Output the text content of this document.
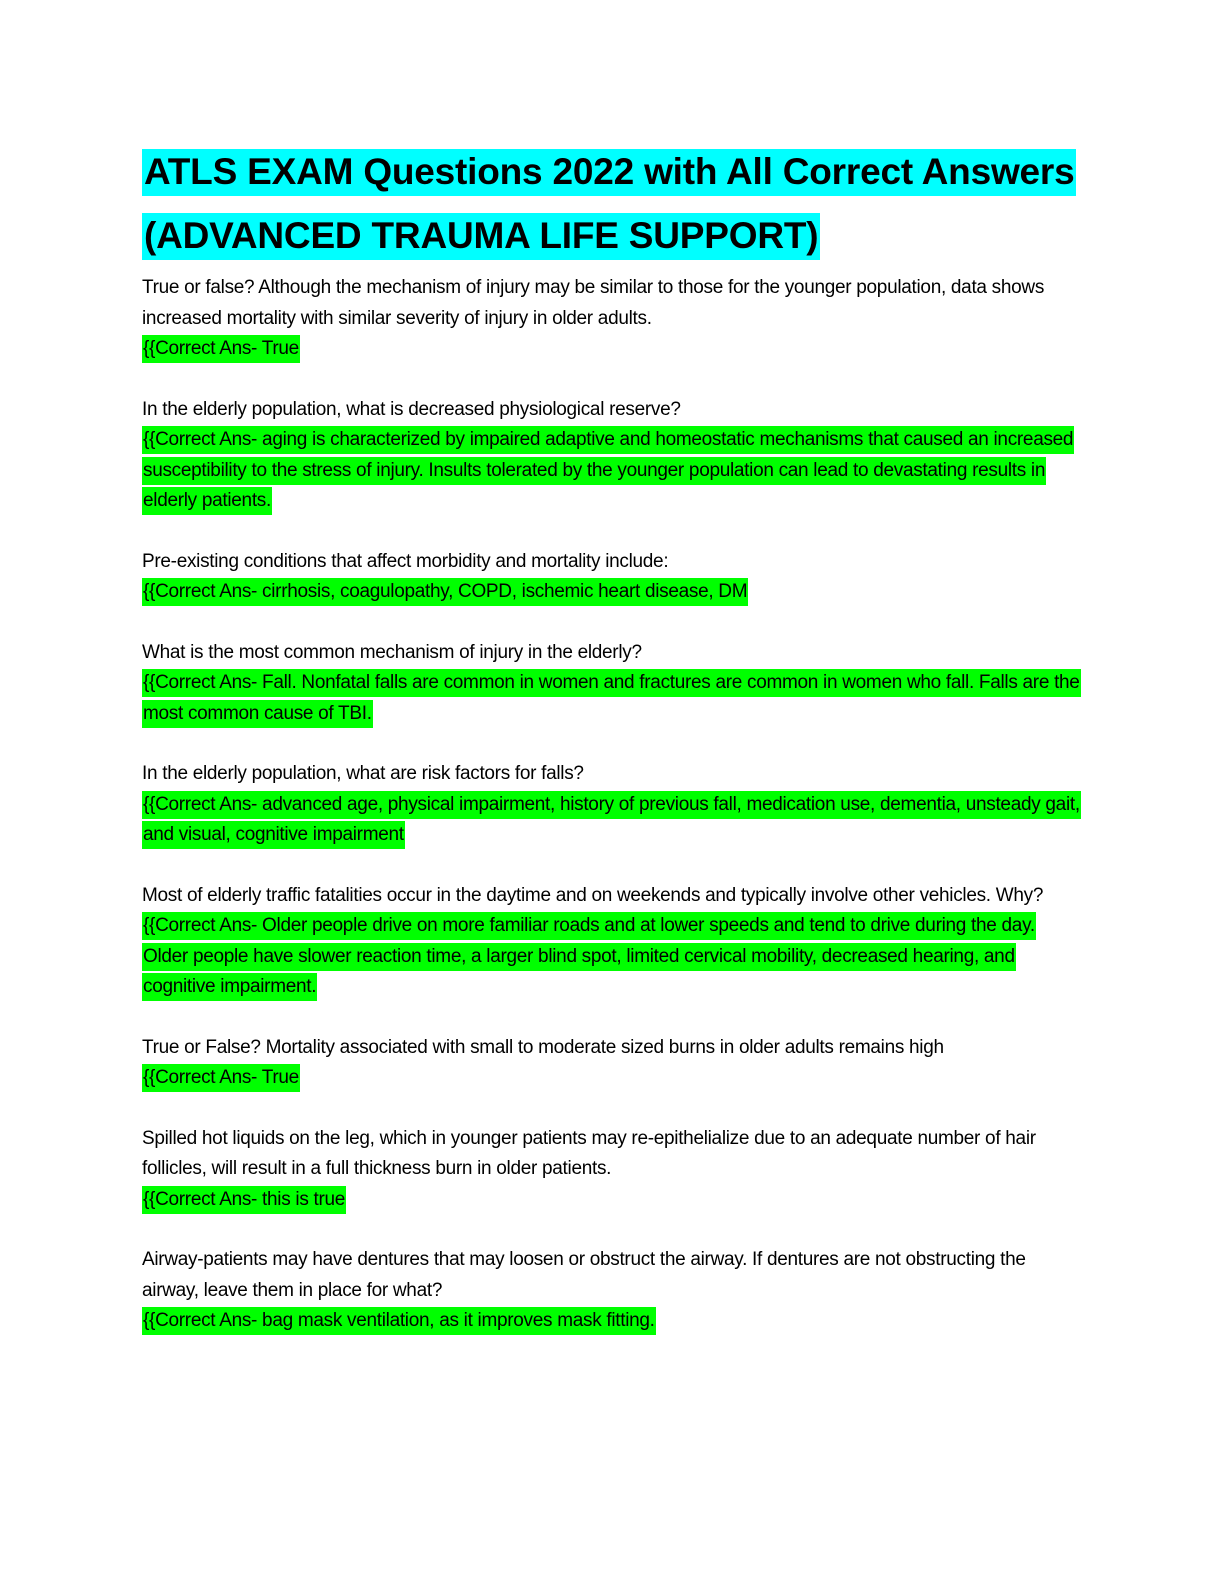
ATLS EXAM Questions 2022 with All Correct Answers (ADVANCED TRAUMA LIFE SUPPORT)

True or false? Although the mechanism of injury may be similar to those for the younger population, data shows increased mortality with similar severity of injury in older adults.

{{Correct Ans- True

In the elderly population, what is decreased physiological reserve?

{{Correct Ans- aging is characterized by impaired adaptive and homeostatic mechanisms that caused an increased susceptibility to the stress of injury. Insults tolerated by the younger population can lead to devastating results in elderly patients.

Pre-existing conditions that affect morbidity and mortality include:

{{Correct Ans- cirrhosis, coagulopathy, COPD, ischemic heart disease, DM

What is the most common mechanism of injury in the elderly?

{{Correct Ans- Fall. Nonfatal falls are common in women and fractures are common in women who fall. Falls are the most common cause of TBI.

In the elderly population, what are risk factors for falls?

{{Correct Ans- advanced age, physical impairment, history of previous fall, medication use, dementia, unsteady gait, and visual, cognitive impairment

Most of elderly traffic fatalities occur in the daytime and on weekends and typically involve other vehicles. Why?

{{Correct Ans- Older people drive on more familiar roads and at lower speeds and tend to drive during the day. Older people have slower reaction time, a larger blind spot, limited cervical mobility, decreased hearing, and cognitive impairment.

True or False? Mortality associated with small to moderate sized burns in older adults remains high

{{Correct Ans- True

Spilled hot liquids on the leg, which in younger patients may re-epithelialize due to an adequate number of hair follicles, will result in a full thickness burn in older patients.

{{Correct Ans- this is true

Airway-patients may have dentures that may loosen or obstruct the airway. If dentures are not obstructing the airway, leave them in place for what?

{{Correct Ans- bag mask ventilation, as it improves mask fitting.
